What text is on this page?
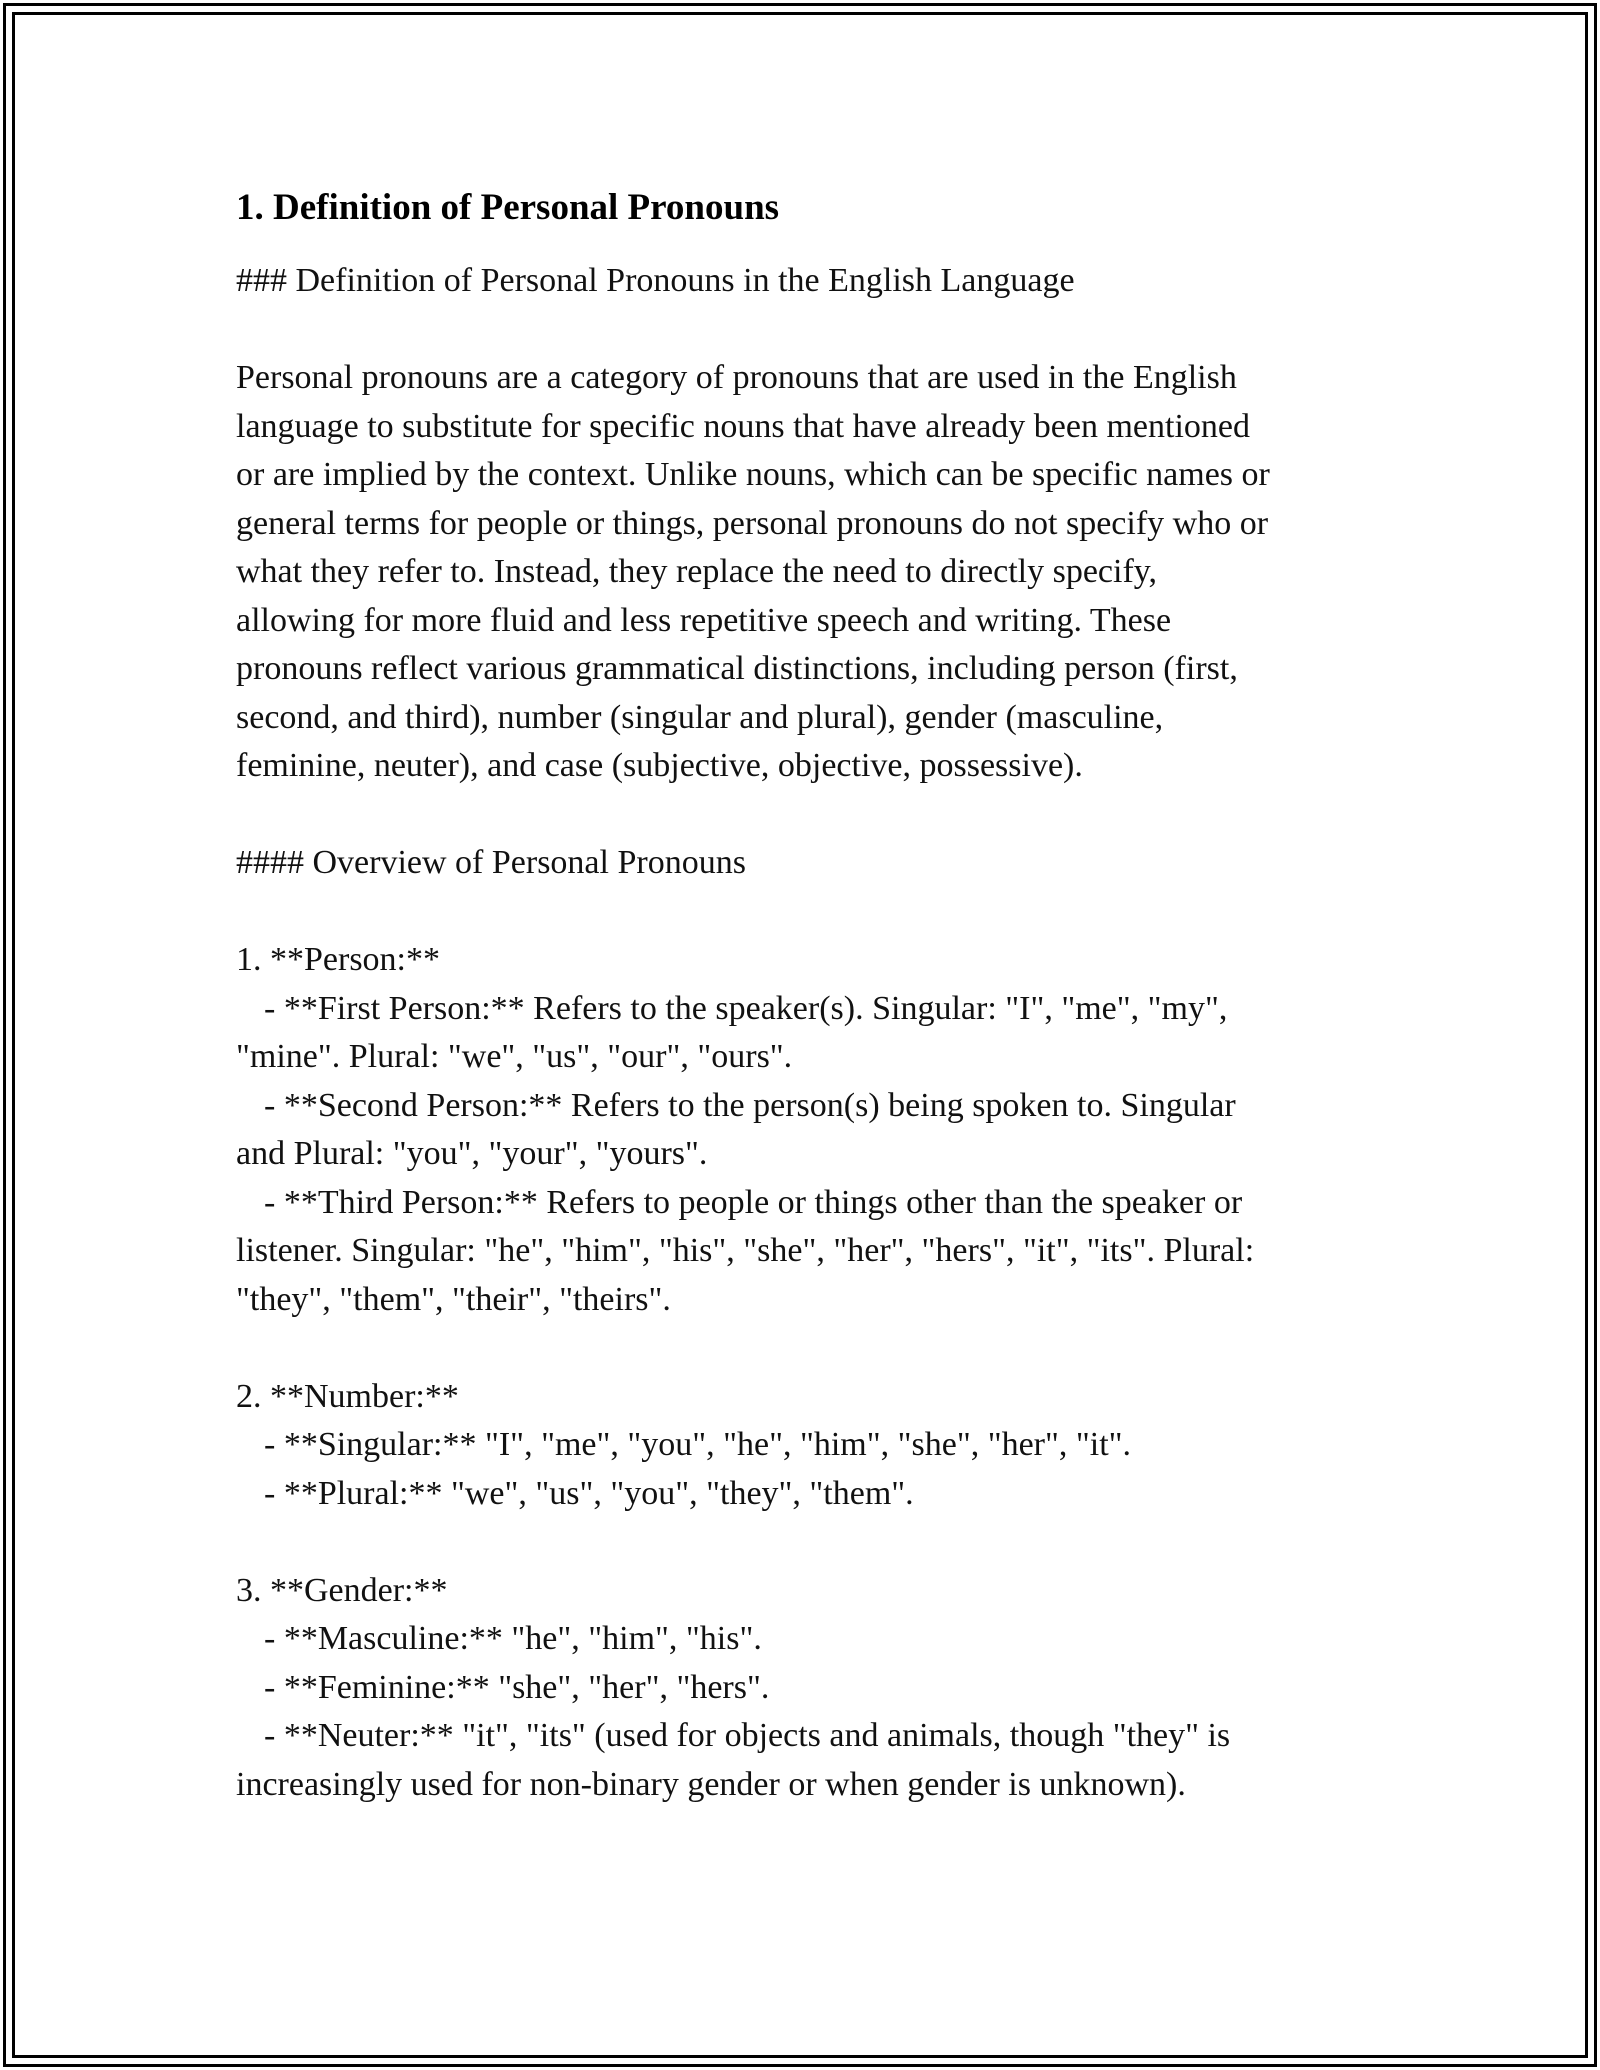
1. Definition of Personal Pronouns
### Definition of Personal Pronouns in the English Language
Personal pronouns are a category of pronouns that are used in the English
language to substitute for specific nouns that have already been mentioned
or are implied by the context. Unlike nouns, which can be specific names or
general terms for people or things, personal pronouns do not specify who or
what they refer to. Instead, they replace the need to directly specify,
allowing for more fluid and less repetitive speech and writing. These
pronouns reflect various grammatical distinctions, including person (first,
second, and third), number (singular and plural), gender (masculine,
feminine, neuter), and case (subjective, objective, possessive).
#### Overview of Personal Pronouns
1. **Person:**
- **First Person:** Refers to the speaker(s). Singular: "I", "me", "my",
"mine". Plural: "we", "us", "our", "ours".
- **Second Person:** Refers to the person(s) being spoken to. Singular
and Plural: "you", "your", "yours".
- **Third Person:** Refers to people or things other than the speaker or
listener. Singular: "he", "him", "his", "she", "her", "hers", "it", "its". Plural:
"they", "them", "their", "theirs".
2. **Number:**
- **Singular:** "I", "me", "you", "he", "him", "she", "her", "it".
- **Plural:** "we", "us", "you", "they", "them".
3. **Gender:**
- **Masculine:** "he", "him", "his".
- **Feminine:** "she", "her", "hers".
- **Neuter:** "it", "its" (used for objects and animals, though "they" is
increasingly used for non-binary gender or when gender is unknown).
